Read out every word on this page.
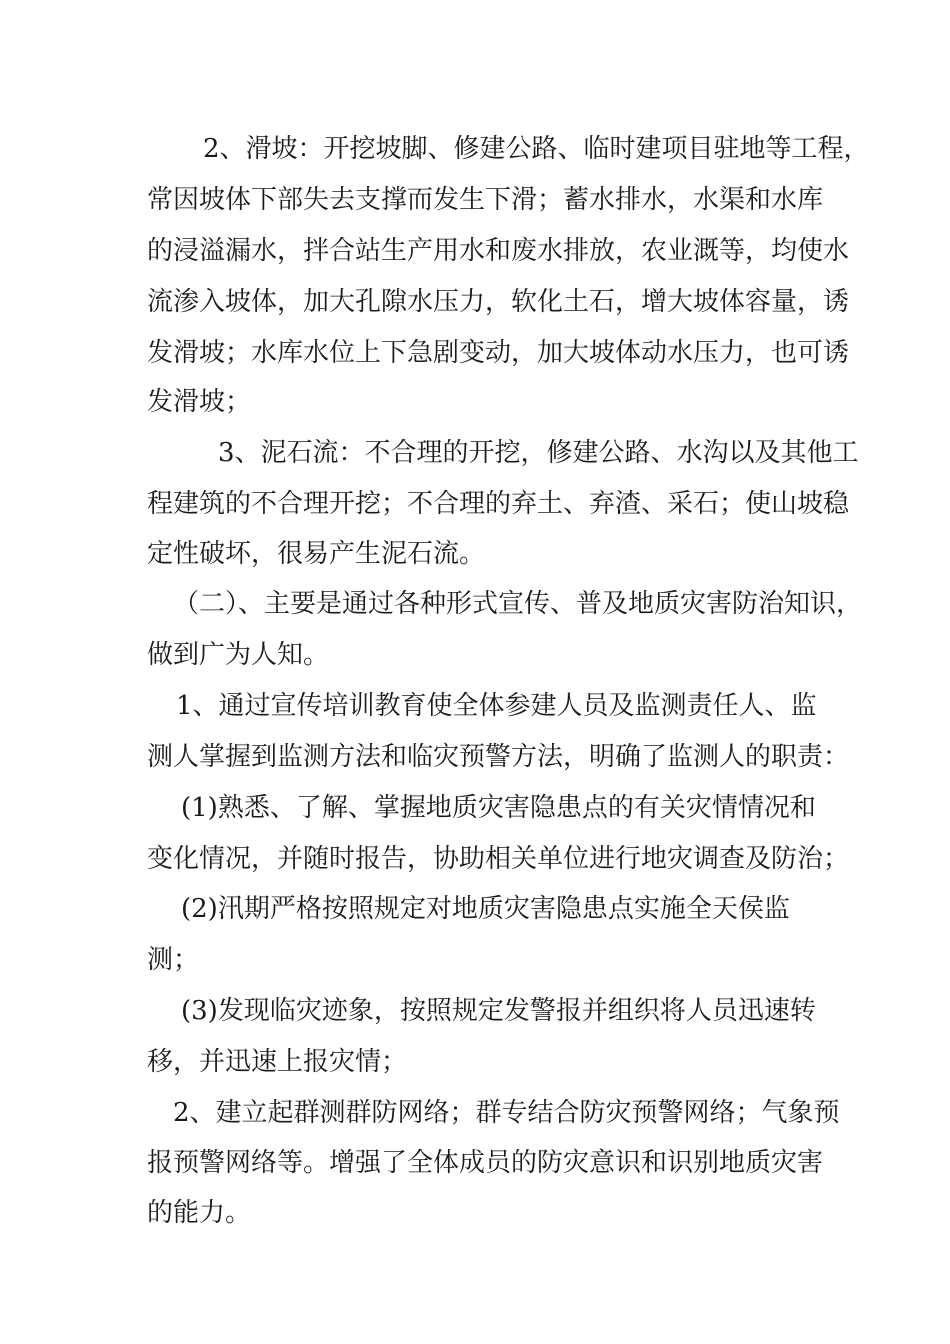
2、滑坡：开挖坡脚、修建公路、临时建项目驻地等工程，
常因坡体下部失去支撑而发生下滑；蓄水排水，水渠和水库
的浸溢漏水，拌合站生产用水和废水排放，农业溉等，均使水
流渗入坡体，加大孔隙水压力，软化土石，增大坡体容量，诱
发滑坡；水库水位上下急剧变动，加大坡体动水压力，也可诱
发滑坡；
3、泥石流：不合理的开挖，修建公路、水沟以及其他工
程建筑的不合理开挖；不合理的弃土、弃渣、采石；使山坡稳
定性破坏，很易产生泥石流。
（二）、主要是通过各种形式宣传、普及地质灾害防治知识，
做到广为人知。
1、通过宣传培训教育使全体参建人员及监测责任人、监
测人掌握到监测方法和临灾预警方法，明确了监测人的职责：
(1)熟悉、了解、掌握地质灾害隐患点的有关灾情情况和
变化情况，并随时报告，协助相关单位进行地灾调查及防治；
(2)汛期严格按照规定对地质灾害隐患点实施全天侯监
测；
(3)发现临灾迹象，按照规定发警报并组织将人员迅速转
移，并迅速上报灾情；
2、建立起群测群防网络；群专结合防灾预警网络；气象预
报预警网络等。增强了全体成员的防灾意识和识别地质灾害
的能力。
